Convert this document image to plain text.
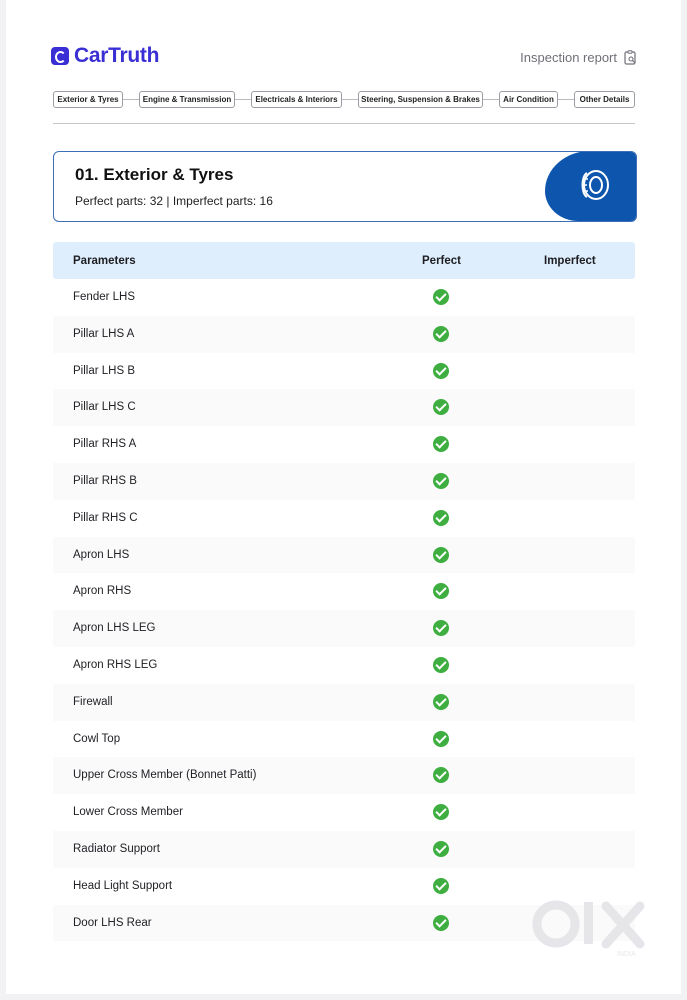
CarTruth	Inspection report
Exterior & Tyres	Engine & Transmission	Electricals & Interiors	Steering, Suspension & Brakes	Air Condition	Other Details
01. Exterior & Tyres
Perfect parts: 32 | Imperfect parts: 16
Parameters	Perfect	Imperfect
Fender LHS
Pillar LHS A
Pillar LHS B
Pillar LHS C
Pillar RHS A
Pillar RHS B
Pillar RHS C
Apron LHS
Apron RHS
Apron LHS LEG
Apron RHS LEG
Firewall
Cowl Top
Upper Cross Member (Bonnet Patti)
Lower Cross Member
Radiator Support
Head Light Support
Door LHS Rear
INDIA
